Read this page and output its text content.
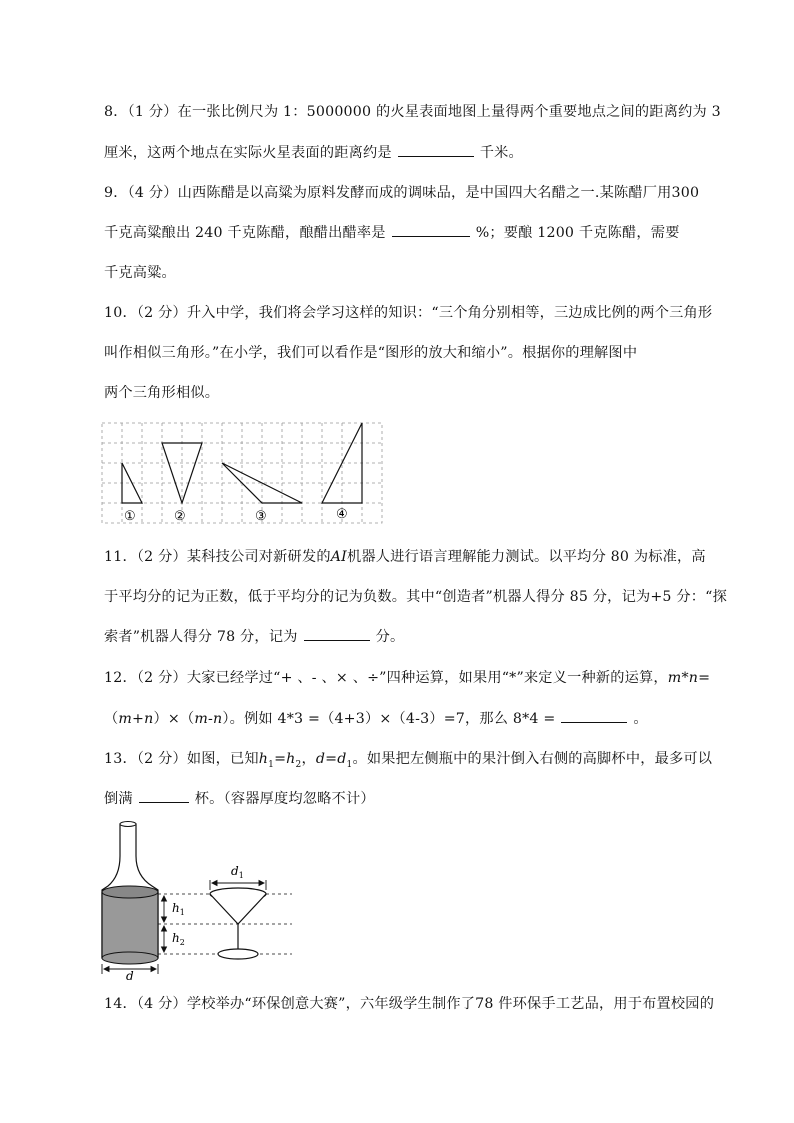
8．（1 分）在一张比例尺为 1：5000000 的火星表面地图上量得两个重要地点之间的距离约为 3
厘米，这两个地点在实际火星表面的距离约是	千米。
9．（4 分）山西陈醋是以高粱为原料发酵而成的调味品，是中国四大名醋之一.某陈醋厂用300
千克高粱酿出 240 千克陈醋，酿醋出醋率是	%；要酿 1200 千克陈醋，需要
千克高粱。
10．（2 分）升入中学，我们将会学习这样的知识：“三个角分别相等，三边成比例的两个三角形
叫作相似三角形。”在小学，我们可以看作是“图形的放大和缩小”。根据你的理解图中
两个三角形相似。
①	②	③	④
11．（2 分）某科技公司对新研发的AI机器人进行语言理解能力测试。以平均分 80 为标准，高
于平均分的记为正数，低于平均分的记为负数。其中“创造者”机器人得分 85 分，记为+5 分：“探
索者”机器人得分 78 分，记为	分。
12．（2 分）大家已经学过“+ 、- 、× 、÷”四种运算，如果用“*”来定义一种新的运算，m*n=
（m+n）×（m-n）。例如 4*3 =（4+3）×（4-3）=7，那么 8*4 =	。
13．（2 分）如图，已知$h_1=h_2$，$d=d_1$。如果把左侧瓶中的果汁倒入右侧的高脚杯中，最多可以
倒满	杯。（容器厚度均忽略不计）
d
$h_1$
$h_2$
$d_1$
14．（4 分）学校举办“环保创意大赛”，六年级学生制作了78 件环保手工艺品，用于布置校园的
